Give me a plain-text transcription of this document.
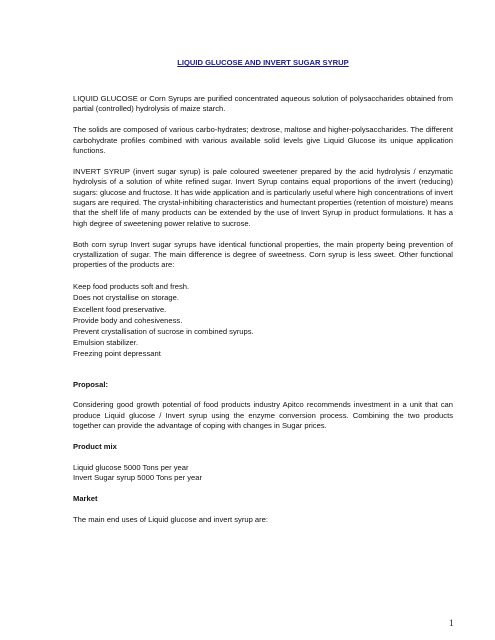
LIQUID GLUCOSE AND INVERT SUGAR SYRUP

LIQUID GLUCOSE or Corn Syrups are purified concentrated aqueous solution of polysaccharides obtained from partial (controlled) hydrolysis of maize starch.

The solids are composed of various carbo-hydrates; dextrose, maltose and higher-polysaccharides. The different carbohydrate profiles combined with various available solid levels give Liquid Glucose its unique application functions.

INVERT SYRUP (invert sugar syrup) is pale coloured sweetener prepared by the acid hydrolysis / enzymatic hydrolysis of a solution of white refined sugar. Invert Syrup contains equal proportions of the invert (reducing) sugars: glucose and fructose. It has wide application and is particularly useful where high concentrations of invert sugars are required. The crystal-inhibiting characteristics and humectant properties (retention of moisture) means that the shelf life of many products can be extended by the use of Invert Syrup in product formulations. It has a high degree of sweetening power relative to sucrose.

Both corn syrup Invert sugar syrups have identical functional properties, the main property being prevention of crystallization of sugar. The main difference is degree of sweetness. Corn syrup is less sweet. Other functional properties of the products are:

Keep food products soft and fresh.
Does not crystallise on storage.
Excellent food preservative.
Provide body and cohesiveness.
Prevent crystallisation of sucrose in combined syrups.
Emulsion stabilizer.
Freezing point depressant
Proposal:

Considering good growth potential of food products industry Apitco recommends investment in a unit that can produce Liquid glucose / Invert syrup using the enzyme conversion process. Combining the two products together can provide the advantage of coping with changes in Sugar prices.

Product mix
Liquid glucose 5000 Tons per year
Invert Sugar syrup 5000 Tons per year
Market

The main end uses of Liquid glucose and invert syrup are:

1
